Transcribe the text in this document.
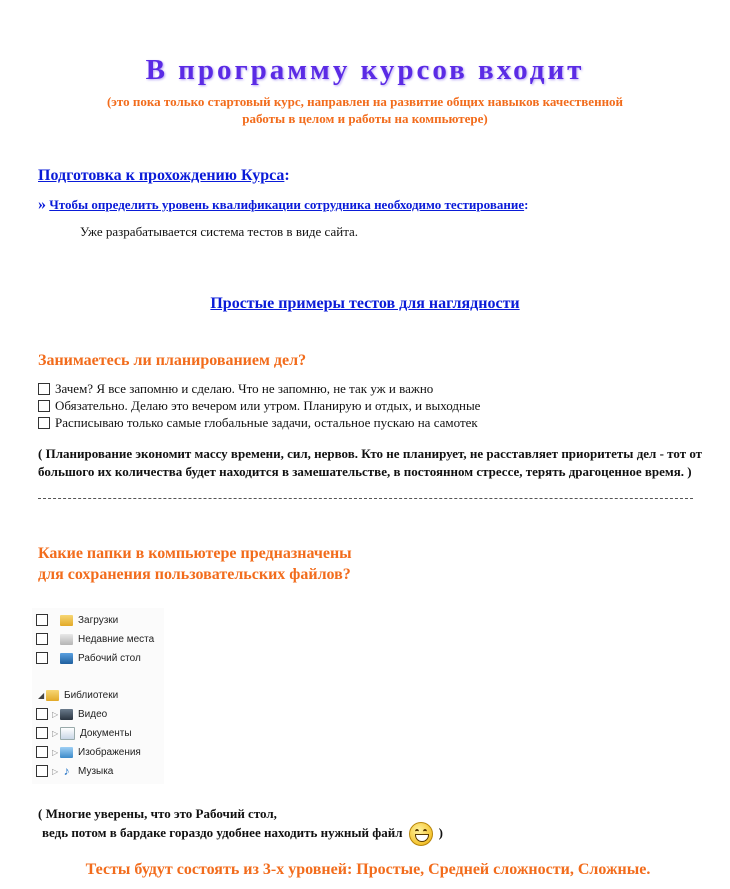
В программу курсов входит
(это пока только стартовый курс, направлен на развитие общих навыков качественной работы в целом и работы на компьютере)
Подготовка к прохождению Курса:
» Чтобы определить уровень квалификации сотрудника необходимо тестирование:
Уже разрабатывается система тестов в виде сайта.
Простые примеры тестов для наглядности
Занимаетесь ли планированием дел?
Зачем? Я все запомню и сделаю. Что не запомню, не так уж и важно
Обязательно. Делаю это вечером или утром. Планирую и отдых, и выходные
Расписываю только самые глобальные задачи, остальное пускаю на самотек
( Планирование экономит массу времени, сил, нервов. Кто не планирует, не расставляет приоритеты дел - тот от большого их количества будет находится в замешательстве, в постоянном стрессе, терять драгоценное время. )
Какие папки в компьютере предназначены
для сохранения пользовательских файлов?
Загрузки
Недавние места
Рабочий стол
◢ Библиотеки
▷ Видео
▷ Документы
▷ Изображения
▷ ♪ Музыка
( Многие уверены, что это Рабочий стол,
ведь потом в бардаке гораздо удобнее находить нужный файл	)
Тесты будут состоять из 3-х уровней: Простые, Средней сложности, Сложные.
